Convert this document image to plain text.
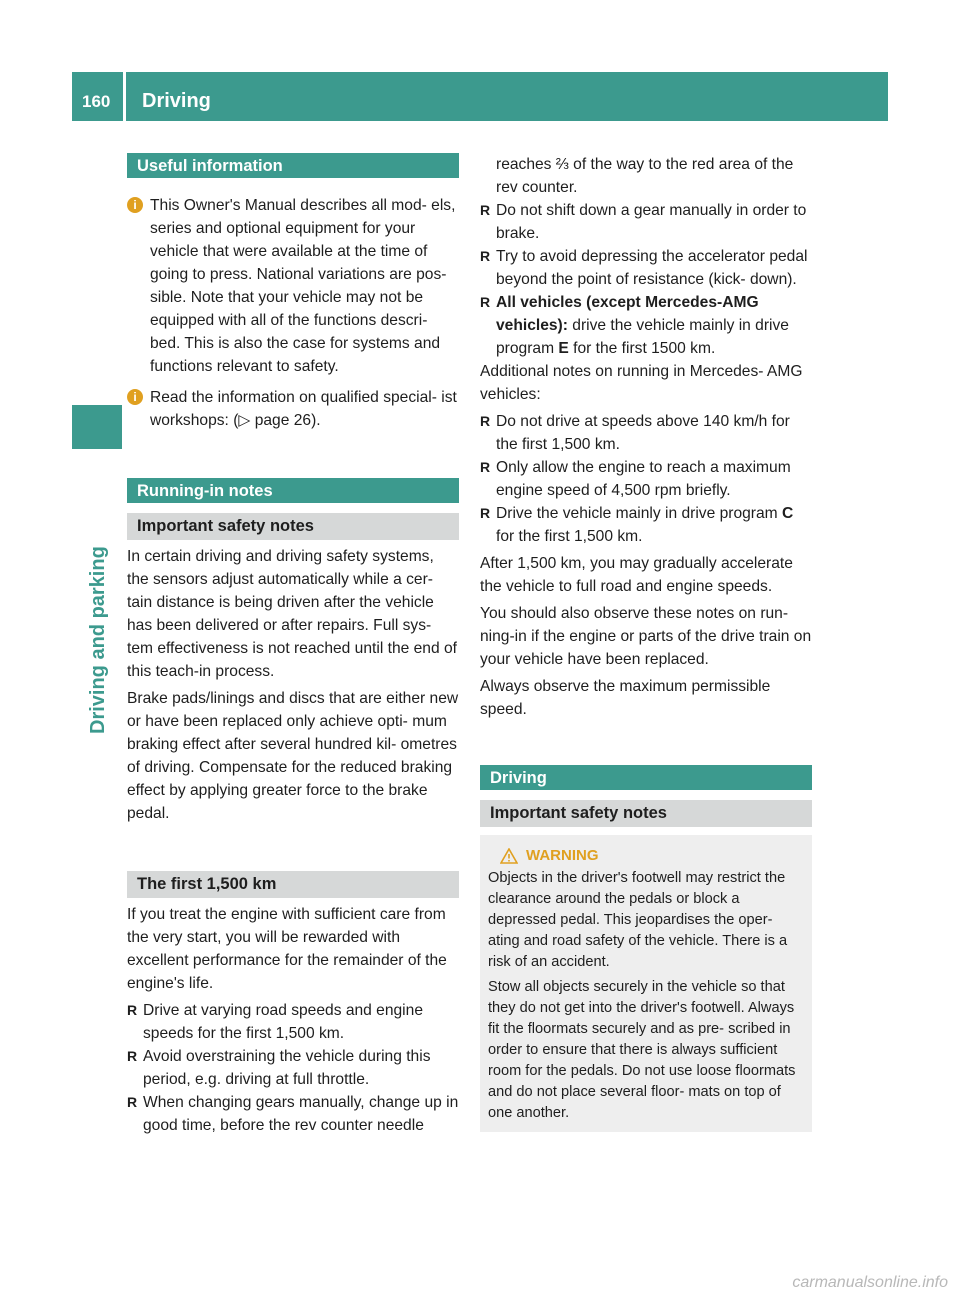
160	Driving
Driving and parking
Useful information
i This Owner's Manual describes all mod- els, series and optional equipment for your vehicle that were available at the time of going to press. National variations are pos- sible. Note that your vehicle may not be equipped with all of the functions descri- bed. This is also the case for systems and functions relevant to safety.
i Read the information on qualified special- ist workshops: (▷ page 26).
Running-in notes
Important safety notes

In certain driving and driving safety systems, the sensors adjust automatically while a cer- tain distance is being driven after the vehicle has been delivered or after repairs. Full sys- tem effectiveness is not reached until the end of this teach-in process.

Brake pads/linings and discs that are either new or have been replaced only achieve opti- mum braking effect after several hundred kil- ometres of driving. Compensate for the reduced braking effect by applying greater force to the brake pedal.

The first 1,500 km

If you treat the engine with sufficient care from the very start, you will be rewarded with excellent performance for the remainder of the engine's life.

R Drive at varying road speeds and engine speeds for the first 1,500 km.
R Avoid overstraining the vehicle during this period, e.g. driving at full throttle.
R When changing gears manually, change up in good time, before the rev counter needle

reaches ⅔ of the way to the red area of the rev counter.

R Do not shift down a gear manually in order to brake.
R Try to avoid depressing the accelerator pedal beyond the point of resistance (kick- down).
R All vehicles (except Mercedes-AMG vehicles): drive the vehicle mainly in drive program E for the first 1500 km.

Additional notes on running in Mercedes- AMG vehicles:

R Do not drive at speeds above 140 km/h for the first 1,500 km.
R Only allow the engine to reach a maximum engine speed of 4,500 rpm briefly.
R Drive the vehicle mainly in drive program C for the first 1,500 km.

After 1,500 km, you may gradually accelerate the vehicle to full road and engine speeds.

You should also observe these notes on run- ning-in if the engine or parts of the drive train on your vehicle have been replaced.

Always observe the maximum permissible speed.

Driving
Important safety notes
WARNING

Objects in the driver's footwell may restrict the clearance around the pedals or block a depressed pedal. This jeopardises the oper- ating and road safety of the vehicle. There is a risk of an accident.

Stow all objects securely in the vehicle so that they do not get into the driver's footwell. Always fit the floormats securely and as pre- scribed in order to ensure that there is always sufficient room for the pedals. Do not use loose floormats and do not place several floor- mats on top of one another.

carmanualsonline.info
